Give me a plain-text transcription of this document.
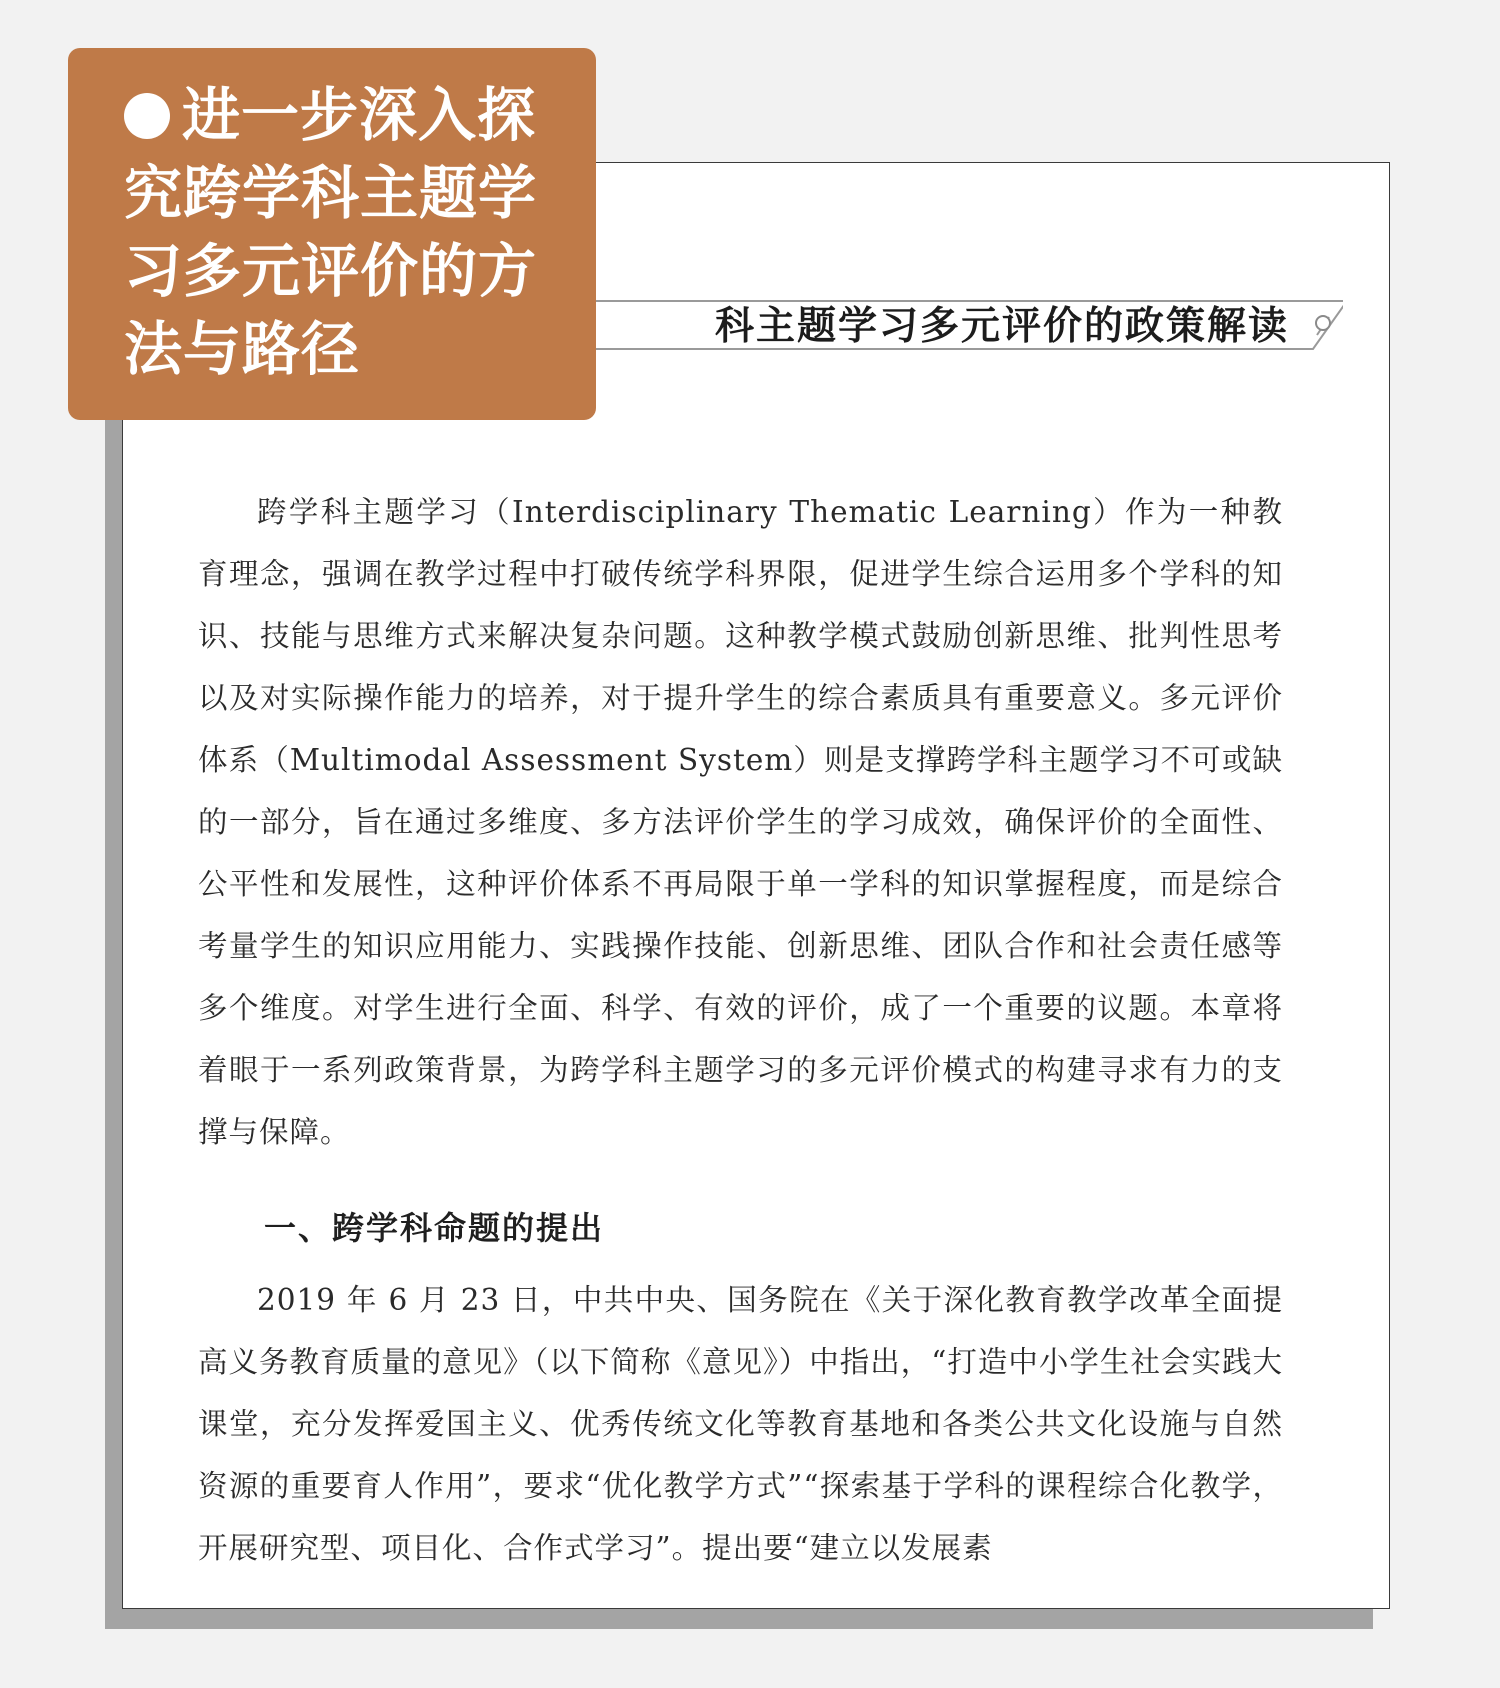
科主题学习多元评价的政策解读

跨学科主题学习（Interdisciplinary Thematic Learning）作为一种教育理念，强调在教学过程中打破传统学科界限，促进学生综合运用多个学科的知识、技能与思维方式来解决复杂问题。这种教学模式鼓励创新思维、批判性思考以及对实际操作能力的培养，对于提升学生的综合素质具有重要意义。多元评价体系（Multimodal Assessment System）则是支撑跨学科主题学习不可或缺的一部分，旨在通过多维度、多方法评价学生的学习成效，确保评价的全面性、公平性和发展性，这种评价体系不再局限于单一学科的知识掌握程度，而是综合考量学生的知识应用能力、实践操作技能、创新思维、团队合作和社会责任感等多个维度。对学生进行全面、科学、有效的评价，成了一个重要的议题。本章将着眼于一系列政策背景，为跨学科主题学习的多元评价模式的构建寻求有力的支撑与保障。

一、跨学科命题的提出

2019 年 6 月 23 日，中共中央、国务院在《关于深化教育教学改革全面提高义务教育质量的意见》（以下简称《意见》）中指出，“打造中小学生社会实践大课堂，充分发挥爱国主义、优秀传统文化等教育基地和各类公共文化设施与自然资源的重要育人作用”，要求“优化教学方式”“探索基于学科的课程综合化教学，开展研究型、项目化、合作式学习”。提出要“建立以发展素

进一步深入探究跨学科主题学习多元评价的方法与路径
